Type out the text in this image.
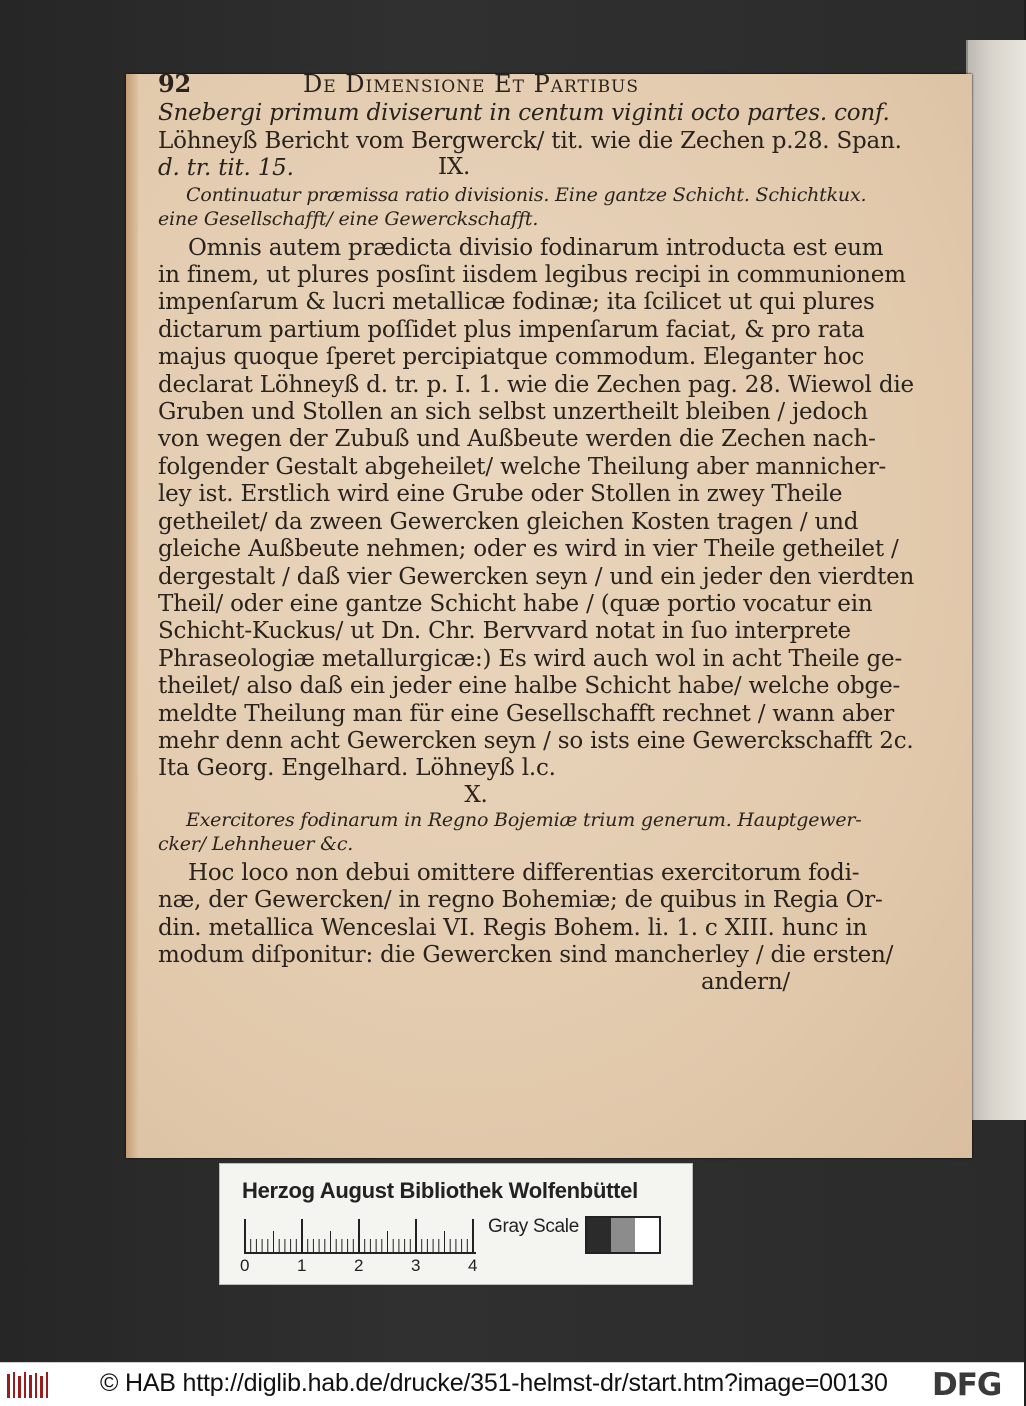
92	De Dimensione Et Partibus
Snebergi primum diviserunt in centum viginti octo partes. conf.
Löhneyß Bericht vom Bergwerck/ tit. wie die Zechen p.28. Span.
d. tr. tit. 15.	IX.
Continuatur præmissa ratio divisionis. Eine gantze Schicht. Schichtkux.
eine Gesellschafft/ eine Gewerckschafft.
Omnis autem prædicta divisio fodinarum introducta est eum
in finem, ut plures posſint iisdem legibus recipi in communionem
impenſarum & lucri metallicæ fodinæ; ita ſcilicet ut qui plures
dictarum partium poſſidet plus impenſarum faciat, & pro rata
majus quoque ſperet percipiatque commodum. Eleganter hoc
declarat Löhneyß d. tr. p. I. 1. wie die Zechen pag. 28. Wiewol die
Gruben und Stollen an sich selbst unzertheilt bleiben / jedoch
von wegen der Zubuß und Außbeute werden die Zechen nach-
folgender Gestalt abgeheilet/ welche Theilung aber mannicher-
ley ist. Erstlich wird eine Grube oder Stollen in zwey Theile
getheilet/ da zween Gewercken gleichen Kosten tragen / und
gleiche Außbeute nehmen; oder es wird in vier Theile getheilet /
dergestalt / daß vier Gewercken seyn / und ein jeder den vierdten
Theil/ oder eine gantze Schicht habe / (quæ portio vocatur ein
Schicht-Kuckus/ ut Dn. Chr. Bervvard notat in ſuo interprete
Phraseologiæ metallurgicæ:) Es wird auch wol in acht Theile ge-
theilet/ also daß ein jeder eine halbe Schicht habe/ welche obge-
meldte Theilung man für eine Gesellschafft rechnet / wann aber
mehr denn acht Gewercken seyn / so ists eine Gewerckschafft 2c.
Ita Georg. Engelhard. Löhneyß l.c.
X.
Exercitores fodinarum in Regno Bojemiæ trium generum. Hauptgewer-
cker/ Lehnheuer &c.
Hoc loco non debui omittere differentias exercitorum fodi-
næ, der Gewercken/ in regno Bohemiæ; de quibus in Regia Or-
din. metallica Wenceslai VI. Regis Bohem. li. 1. c XIII. hunc in
modum diſponitur: die Gewercken sind mancherley / die ersten/
andern/
Herzog August Bibliothek Wolfenbüttel
0	1	2	3	4
Gray Scale
© HAB http://diglib.hab.de/drucke/351-helmst-dr/start.htm?image=00130 DFG
